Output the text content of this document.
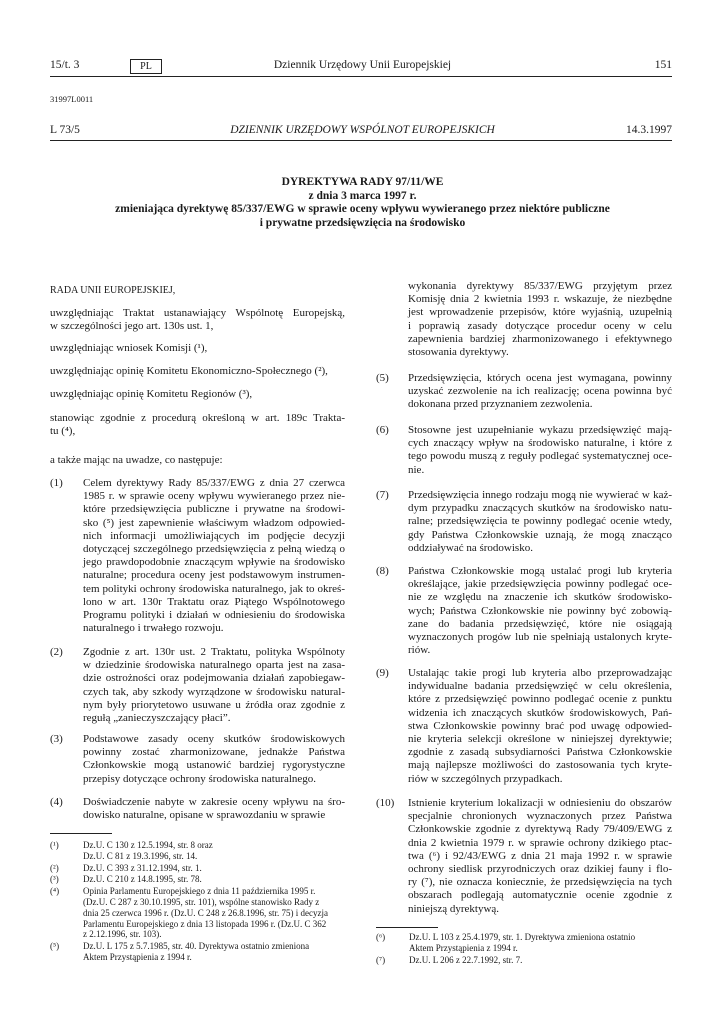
15/t. 3	PL	Dziennik Urzędowy Unii Europejskiej	151
31997L0011
L 73/5	DZIENNIK URZĘDOWY WSPÓLNOT EUROPEJSKICH	14.3.1997
DYREKTYWA RADY 97/11/WE
z dnia 3 marca 1997 r.
zmieniająca dyrektywę 85/337/EWG w sprawie oceny wpływu wywieranego przez niektóre publiczne
i prywatne przedsięwzięcia na środowisko
RADA UNII EUROPEJSKIEJ,
uwzględniając Traktat ustanawiający Wspólnotę Europejską,
w szczególności jego art. 130s ust. 1,
uwzględniając wniosek Komisji (¹),
uwzględniając opinię Komitetu Ekonomiczno-Społecznego (²),
uwzględniając opinię Komitetu Regionów (³),
stanowiąc zgodnie z procedurą określoną w art. 189c Trakta-
tu (⁴),
a także mając na uwadze, co następuje:
(1) Celem dyrektywy Rady 85/337/EWG z dnia 27 czerwca
1985 r. w sprawie oceny wpływu wywieranego przez nie-
które przedsięwzięcia publiczne i prywatne na środowi-
sko (⁵) jest zapewnienie właściwym władzom odpowied-
nich informacji umożliwiających im podjęcie decyzji
dotyczącej szczególnego przedsięwzięcia z pełną wiedzą o
jego prawdopodobnie znaczącym wpływie na środowisko
naturalne; procedura oceny jest podstawowym instrumen-
tem polityki ochrony środowiska naturalnego, jak to okreś-
lono w art. 130r Traktatu oraz Piątego Wspólnotowego
Programu polityki i działań w odniesieniu do środowiska
naturalnego i trwałego rozwoju.
(2) Zgodnie z art. 130r ust. 2 Traktatu, polityka Wspólnoty
w dziedzinie środowiska naturalnego oparta jest na zasa-
dzie ostrożności oraz podejmowania działań zapobiegaw-
czych tak, aby szkody wyrządzone w środowisku natural-
nym były priorytetowo usuwane u źródła oraz zgodnie z
regułą „zanieczyszczający płaci”.
(3) Podstawowe zasady oceny skutków środowiskowych
powinny zostać zharmonizowane, jednakże Państwa
Członkowskie mogą ustanowić bardziej rygorystyczne
przepisy dotyczące ochrony środowiska naturalnego.
(4) Doświadczenie nabyte w zakresie oceny wpływu na śro-
dowisko naturalne, opisane w sprawozdaniu w sprawie
(¹)	Dz.U. C 130 z 12.5.1994, str. 8 oraz
Dz.U. C 81 z 19.3.1996, str. 14.
(²)	Dz.U. C 393 z 31.12.1994, str. 1.
(³)	Dz.U. C 210 z 14.8.1995, str. 78.
(⁴)	Opinia Parlamentu Europejskiego z dnia 11 października 1995 r.
(Dz.U. C 287 z 30.10.1995, str. 101), wspólne stanowisko Rady z
dnia 25 czerwca 1996 r. (Dz.U. C 248 z 26.8.1996, str. 75) i decyzja
Parlamentu Europejskiego z dnia 13 listopada 1996 r. (Dz.U. C 362
z 2.12.1996, str. 103).
(⁵)	Dz.U. L 175 z 5.7.1985, str. 40. Dyrektywa ostatnio zmieniona
Aktem Przystąpienia z 1994 r.
wykonania dyrektywy 85/337/EWG przyjętym przez
Komisję dnia 2 kwietnia 1993 r. wskazuje, że niezbędne
jest wprowadzenie przepisów, które wyjaśnią, uzupełnią
i poprawią zasady dotyczące procedur oceny w celu
zapewnienia bardziej zharmonizowanego i efektywnego
stosowania dyrektywy.
(5) Przedsięwzięcia, których ocena jest wymagana, powinny
uzyskać zezwolenie na ich realizację; ocena powinna być
dokonana przed przyznaniem zezwolenia.
(6) Stosowne jest uzupełnianie wykazu przedsięwzięć mają-
cych znaczący wpływ na środowisko naturalne, i które z
tego powodu muszą z reguły podlegać systematycznej oce-
nie.
(7) Przedsięwzięcia innego rodzaju mogą nie wywierać w każ-
dym przypadku znaczących skutków na środowisko natu-
ralne; przedsięwzięcia te powinny podlegać ocenie wtedy,
gdy Państwa Członkowskie uznają, że mogą znacząco
oddziaływać na środowisko.
(8) Państwa Członkowskie mogą ustalać progi lub kryteria
określające, jakie przedsięwzięcia powinny podlegać oce-
nie ze względu na znaczenie ich skutków środowisko-
wych; Państwa Członkowskie nie powinny być zobowią-
zane do badania przedsięwzięć, które nie osiągają
wyznaczonych progów lub nie spełniają ustalonych kryte-
riów.
(9) Ustalając takie progi lub kryteria albo przeprowadzając
indywidualne badania przedsięwzięć w celu określenia,
które z przedsięwzięć powinno podlegać ocenie z punktu
widzenia ich znaczących skutków środowiskowych, Pań-
stwa Członkowskie powinny brać pod uwagę odpowied-
nie kryteria selekcji określone w niniejszej dyrektywie;
zgodnie z zasadą subsydiarności Państwa Członkowskie
mają najlepsze możliwości do zastosowania tych kryte-
riów w szczególnych przypadkach.
(10) Istnienie kryterium lokalizacji w odniesieniu do obszarów
specjalnie chronionych wyznaczonych przez Państwa
Członkowskie zgodnie z dyrektywą Rady 79/409/EWG z
dnia 2 kwietnia 1979 r. w sprawie ochrony dzikiego ptac-
twa (⁶) i 92/43/EWG z dnia 21 maja 1992 r. w sprawie
ochrony siedlisk przyrodniczych oraz dzikiej fauny i flo-
ry (⁷), nie oznacza koniecznie, że przedsięwzięcia na tych
obszarach podlegają automatycznie ocenie zgodnie z
niniejszą dyrektywą.
(⁶)	Dz.U. L 103 z 25.4.1979, str. 1. Dyrektywa zmieniona ostatnio
Aktem Przystąpienia z 1994 r.
(⁷)	Dz.U. L 206 z 22.7.1992, str. 7.
